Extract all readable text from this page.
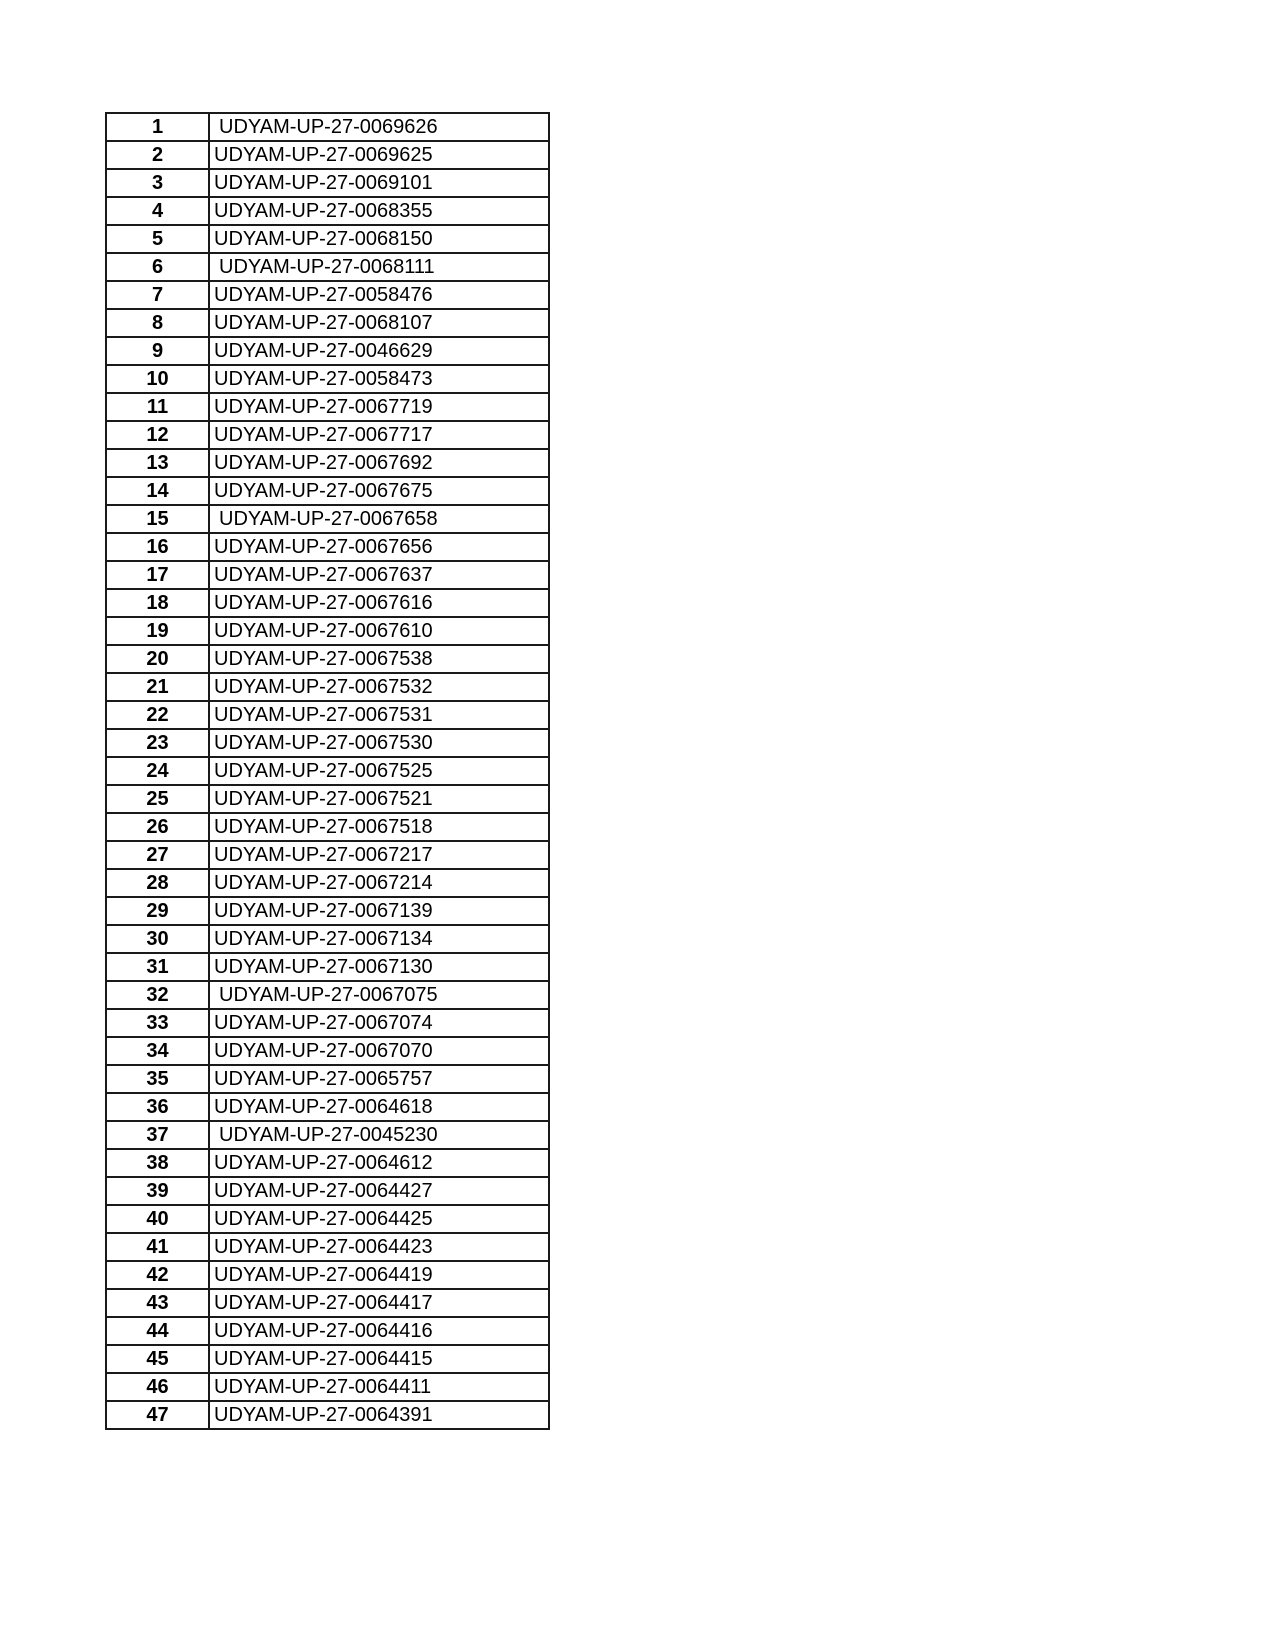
1	UDYAM-UP-27-0069626
2	UDYAM-UP-27-0069625
3	UDYAM-UP-27-0069101
4	UDYAM-UP-27-0068355
5	UDYAM-UP-27-0068150
6	UDYAM-UP-27-0068111
7	UDYAM-UP-27-0058476
8	UDYAM-UP-27-0068107
9	UDYAM-UP-27-0046629
10	UDYAM-UP-27-0058473
11	UDYAM-UP-27-0067719
12	UDYAM-UP-27-0067717
13	UDYAM-UP-27-0067692
14	UDYAM-UP-27-0067675
15	UDYAM-UP-27-0067658
16	UDYAM-UP-27-0067656
17	UDYAM-UP-27-0067637
18	UDYAM-UP-27-0067616
19	UDYAM-UP-27-0067610
20	UDYAM-UP-27-0067538
21	UDYAM-UP-27-0067532
22	UDYAM-UP-27-0067531
23	UDYAM-UP-27-0067530
24	UDYAM-UP-27-0067525
25	UDYAM-UP-27-0067521
26	UDYAM-UP-27-0067518
27	UDYAM-UP-27-0067217
28	UDYAM-UP-27-0067214
29	UDYAM-UP-27-0067139
30	UDYAM-UP-27-0067134
31	UDYAM-UP-27-0067130
32	UDYAM-UP-27-0067075
33	UDYAM-UP-27-0067074
34	UDYAM-UP-27-0067070
35	UDYAM-UP-27-0065757
36	UDYAM-UP-27-0064618
37	UDYAM-UP-27-0045230
38	UDYAM-UP-27-0064612
39	UDYAM-UP-27-0064427
40	UDYAM-UP-27-0064425
41	UDYAM-UP-27-0064423
42	UDYAM-UP-27-0064419
43	UDYAM-UP-27-0064417
44	UDYAM-UP-27-0064416
45	UDYAM-UP-27-0064415
46	UDYAM-UP-27-0064411
47	UDYAM-UP-27-0064391
